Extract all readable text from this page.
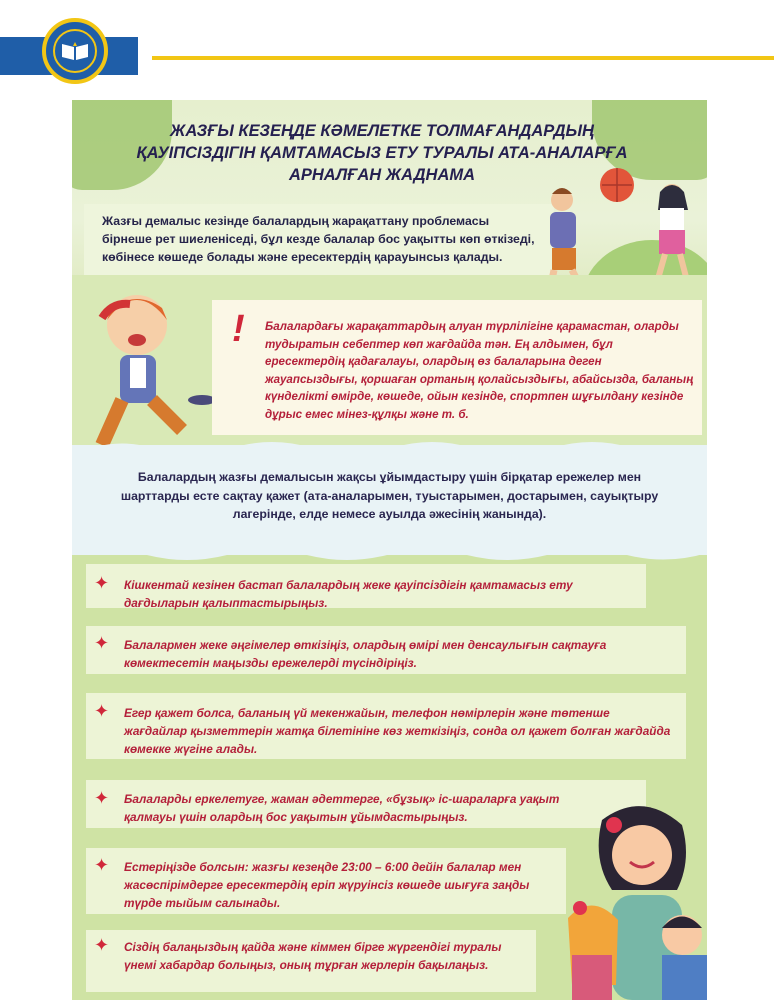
ЖАЗҒЫ КЕЗЕҢДЕ КӘМЕЛЕТКЕ ТОЛМАҒАНДАРДЫҢ ҚАУІПСІЗДІГІН ҚАМТАМАСЫЗ ЕТУ ТУРАЛЫ АТА-АНАЛАРҒА АРНАЛҒАН ЖАДНАМА
Жазғы демалыс кезінде балалардың жарақаттану проблемасы бірнеше рет шиеленіседі, бұл кезде балалар бос уақытты көп өткізеді, көбінесе көшеде болады және ересектердің қарауынсыз қалады.
! Балалардағы жарақаттардың алуан түрлілігіне қарамастан, оларды тудыратын себептер көп жағдайда тән. Ең алдымен, бұл ересектердің қадағалауы, олардың өз балаларына деген жауапсыздығы, қоршаған ортаның қолайсыздығы, абайсызда, баланың күнделікті өмірде, көшеде, ойын кезінде, спортпен шұғылдану кезінде дұрыс емес мінез-құлқы және т. б.
Балалардың жазғы демалысын жақсы ұйымдастыру үшін бірқатар ережелер мен шарттарды есте сақтау қажет (ата-аналарымен, туыстарымен, достарымен, сауықтыру лагерінде, елде немесе ауылда әжесінің жанында).
✦ Кішкентай кезінен бастап балалардың жеке қауіпсіздігін қамтамасыз ету дағдыларын қалыптастырыңыз.
✦ Балалармен жеке әңгімелер өткізіңіз, олардың өмірі мен денсаулығын сақтауға көмектесетін маңызды ережелерді түсіндіріңіз.
✦ Егер қажет болса, баланың үй мекенжайын, телефон нөмірлерін және төтенше жағдайлар қызметтерін жатқа білетініне көз жеткізіңіз, сонда ол қажет болған жағдайда көмекке жүгіне алады.
✦ Балаларды еркелетуге, жаман әдеттерге, «бұзық» іс-шараларға уақыт қалмауы үшін олардың бос уақытын ұйымдастырыңыз.
✦ Естеріңізде болсын: жазғы кезеңде 23:00 – 6:00 дейін балалар мен жасөспірімдерге ересектердің еріп жүруінсіз көшеде шығуға заңды түрде тыйым салынады.
✦ Сіздің балаңыздың қайда және кіммен бірге жүргендігі туралы үнемі хабардар болыңыз, оның тұрған жерлерін бақылаңыз.
